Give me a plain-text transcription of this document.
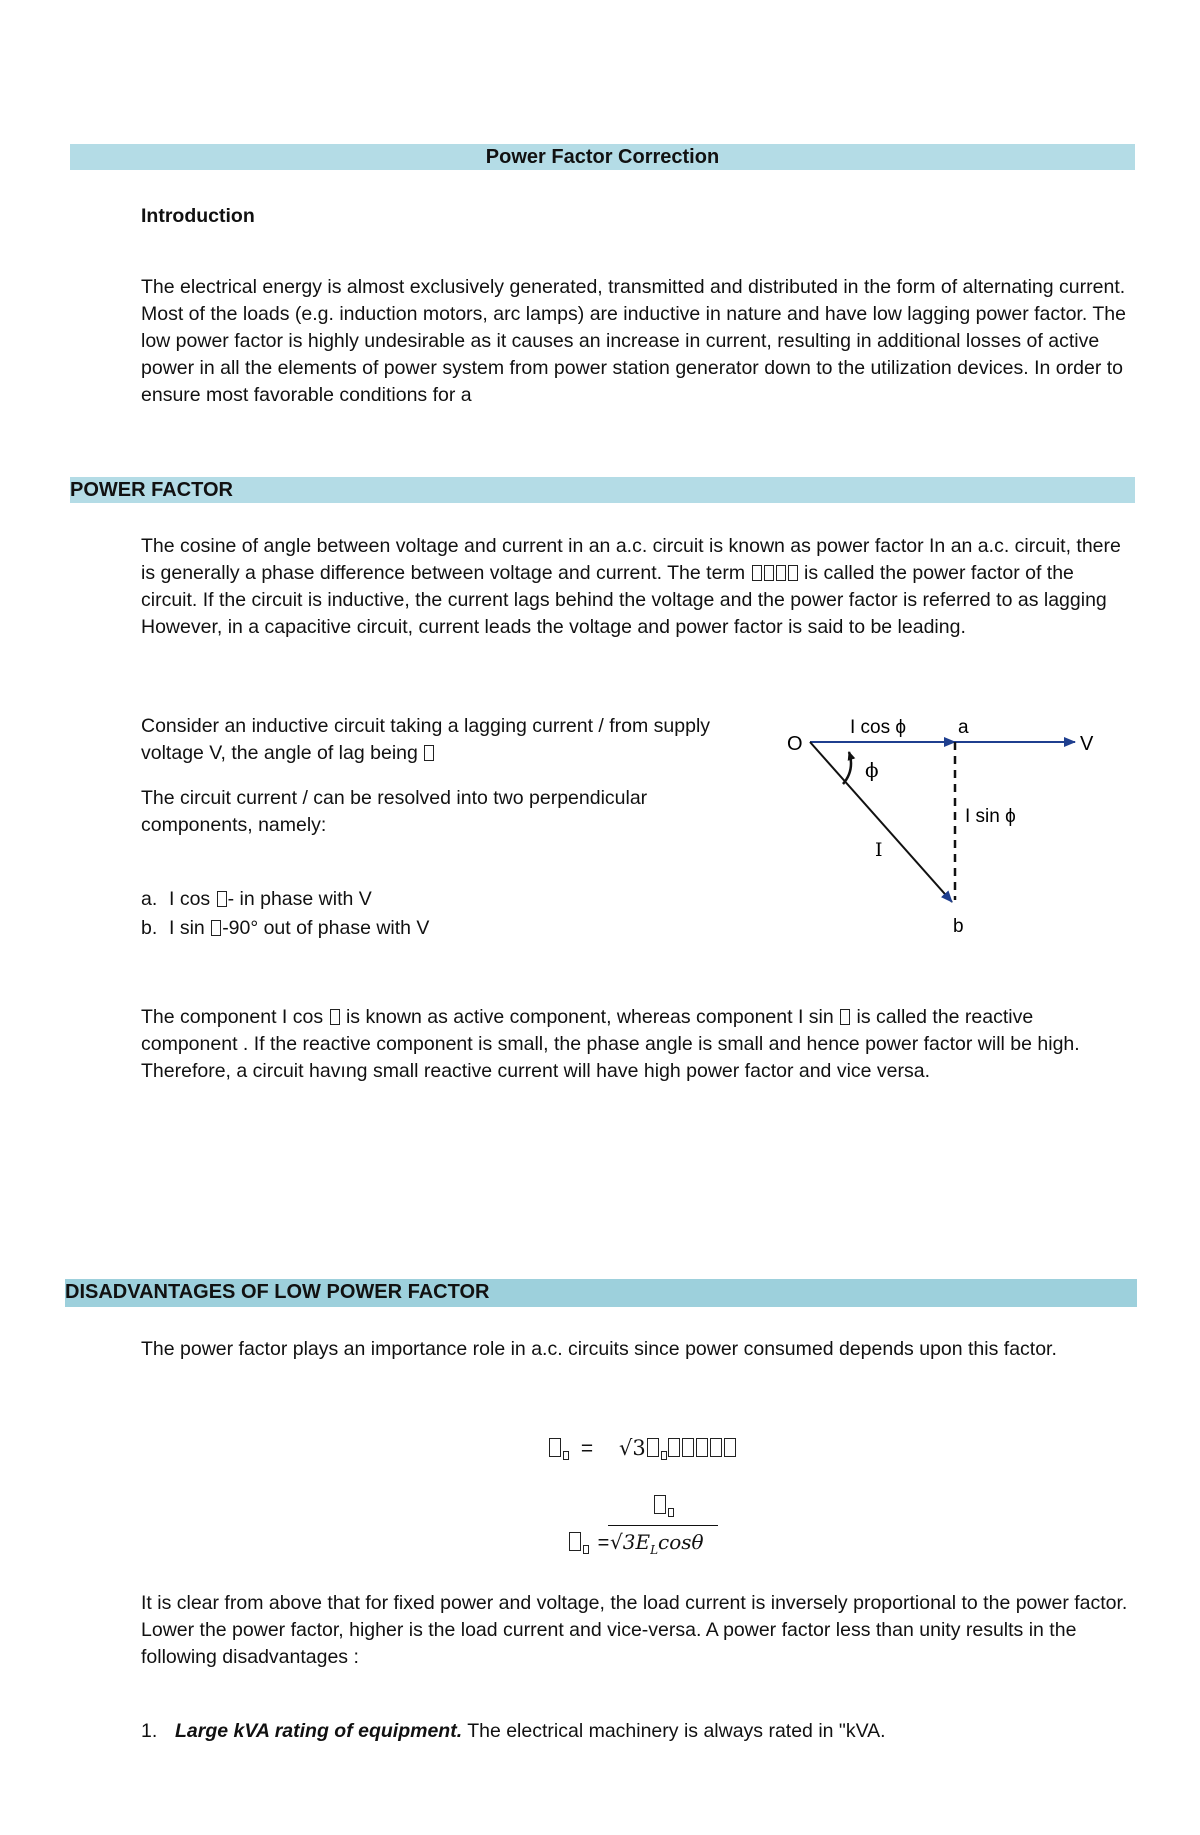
Power Factor Correction
Introduction

The electrical energy is almost exclusively generated, transmitted and distributed in the form of alternating current. Most of the loads (e.g. induction motors, arc lamps) are inductive in nature and have low lagging power factor. The low power factor is highly undesirable as it causes an increase in current, resulting in additional losses of active power in all the elements of power system from power station generator down to the utilization devices. In order to ensure most favorable conditions for a

POWER FACTOR

The cosine of angle between voltage and current in an a.c. circuit is known as power factor In an a.c. circuit, there is generally a phase difference between voltage and current. The term  is called the power factor of the circuit. If the circuit is inductive, the current lags behind the voltage and the power factor is referred to as lagging However, in a capacitive circuit, current leads the voltage and power factor is said to be leading.

Consider an inductive circuit taking a lagging current / from supply voltage V, the angle of lag being

The circuit current / can be resolved into two perpendicular components, namely:

a. I cos - in phase with V
b. I sin -90° out of phase with V
O
I cos ϕ	a
V
ϕ
I sin ϕ
I
b

The component I cos  is known as active component, whereas component I sin  is called the reactive component . If the reactive component is small, the phase angle is small and hence power factor will be high. Therefore, a circuit havıng small reactive current will have high power factor and vice versa.

DISADVANTAGES OF LOW POWER FACTOR

The power factor plays an importance role in a.c. circuits since power consumed depends upon this factor.

= √3
= $√3E_L\cos\theta$

It is clear from above that for fixed power and voltage, the load current is inversely proportional to the power factor. Lower the power factor, higher is the load current and vice-versa. A power factor less than unity results in the following disadvantages :

1. Large kVA rating of equipment. The electrical machinery is always rated in "kVA.
